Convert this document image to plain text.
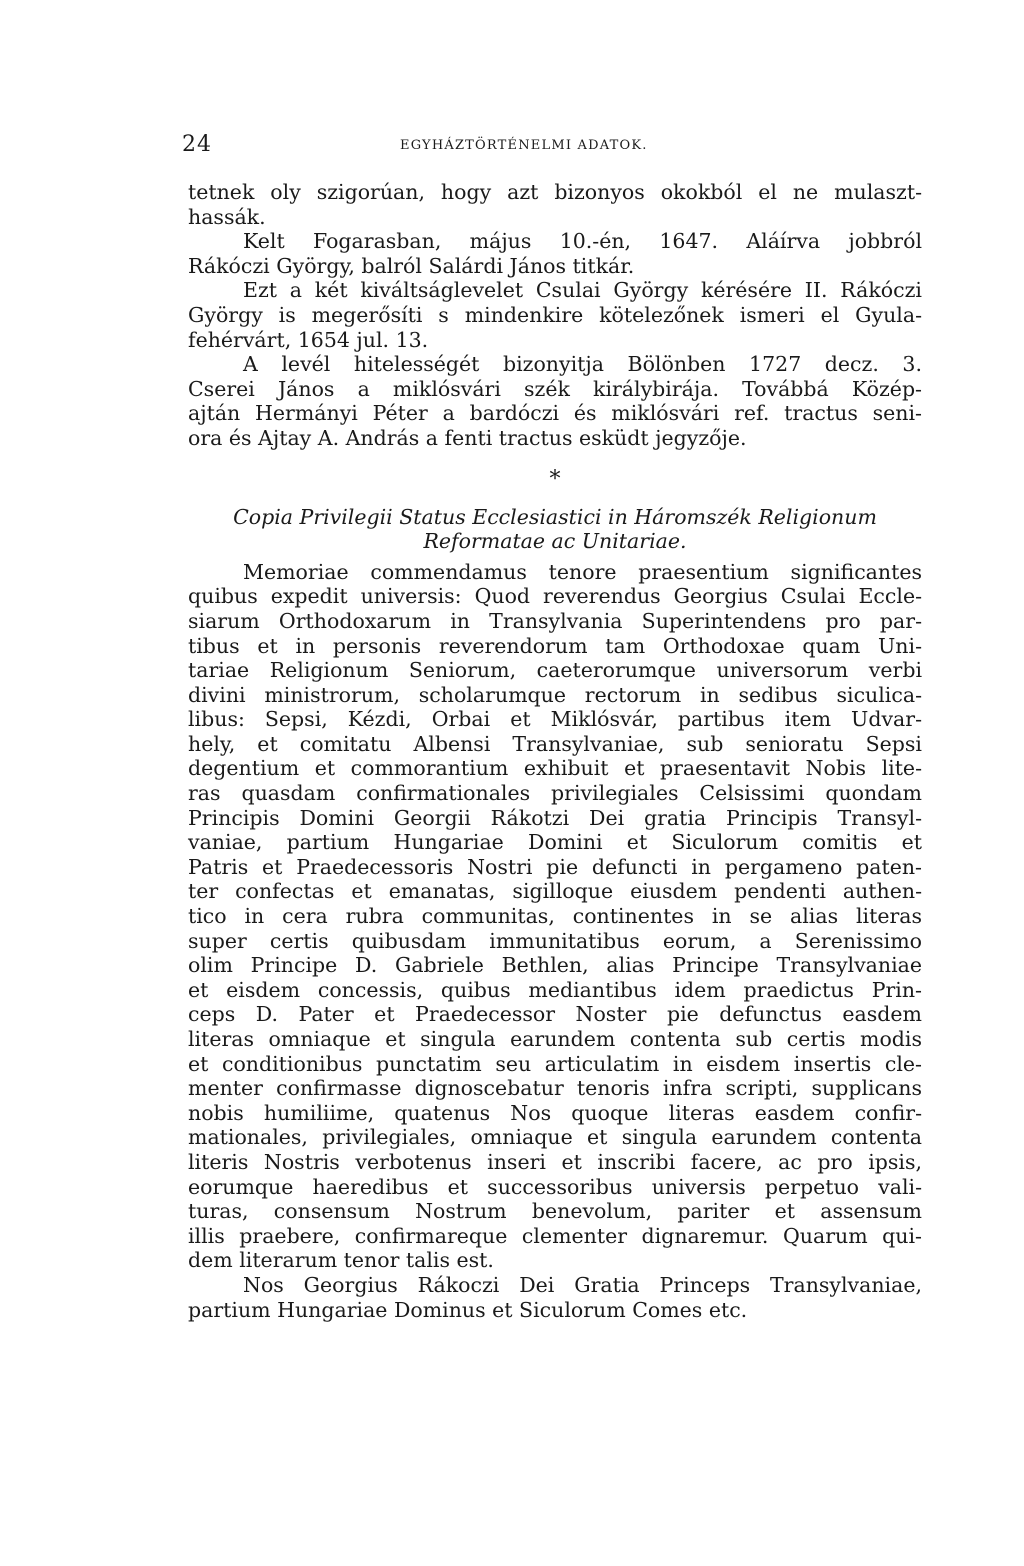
24	EGYHÁZTÖRTÉNELMI ADATOK.

tetnek oly szigorúan, hogy azt bizonyos okokból el ne mulaszt-
hassák.

Kelt Fogarasban, május 10.-én, 1647. Aláírva jobbról
Rákóczi György, balról Salárdi János titkár.

Ezt a két kiváltságlevelet Csulai György kérésére II. Rákóczi
György is megerősíti s mindenkire kötelezőnek ismeri el Gyula-
fehérvárt, 1654 jul. 13.

A levél hitelességét bizonyitja Bölönben 1727 decz. 3.
Cserei János a miklósvári szék királybirája. Továbbá Közép-
ajtán Hermányi Péter a bardóczi és miklósvári ref. tractus seni-
ora és Ajtay A. András a fenti tractus esküdt jegyzője.

*
Copia Privilegii Status Ecclesiastici in Háromszék Religionum
Reformatae ac Unitariae.

Memoriae commendamus tenore praesentium significantes
quibus expedit universis: Quod reverendus Georgius Csulai Eccle-
siarum Orthodoxarum in Transylvania Superintendens pro par-
tibus et in personis reverendorum tam Orthodoxae quam Uni-
tariae Religionum Seniorum, caeterorumque universorum verbi
divini ministrorum, scholarumque rectorum in sedibus siculica-
libus: Sepsi, Kézdi, Orbai et Miklósvár, partibus item Udvar-
hely, et comitatu Albensi Transylvaniae, sub senioratu Sepsi
degentium et commorantium exhibuit et praesentavit Nobis lite-
ras quasdam confirmationales privilegiales Celsissimi quondam
Principis Domini Georgii Rákotzi Dei gratia Principis Transyl-
vaniae, partium Hungariae Domini et Siculorum comitis et
Patris et Praedecessoris Nostri pie defuncti in pergameno paten-
ter confectas et emanatas, sigilloque eiusdem pendenti authen-
tico in cera rubra communitas, continentes in se alias literas
super certis quibusdam immunitatibus eorum, a Serenissimo
olim Principe D. Gabriele Bethlen, alias Principe Transylvaniae
et eisdem concessis, quibus mediantibus idem praedictus Prin-
ceps D. Pater et Praedecessor Noster pie defunctus easdem
literas omniaque et singula earundem contenta sub certis modis
et conditionibus punctatim seu articulatim in eisdem insertis cle-
menter confirmasse dignoscebatur tenoris infra scripti, supplicans
nobis humiliime, quatenus Nos quoque literas easdem confir-
mationales, privilegiales, omniaque et singula earundem contenta
literis Nostris verbotenus inseri et inscribi facere, ac pro ipsis,
eorumque haeredibus et successoribus universis perpetuo vali-
turas, consensum Nostrum benevolum, pariter et assensum
illis praebere, confirmareque clementer dignaremur. Quarum qui-
dem literarum tenor talis est.

Nos Georgius Rákoczi Dei Gratia Princeps Transylvaniae,
partium Hungariae Dominus et Siculorum Comes etc.
